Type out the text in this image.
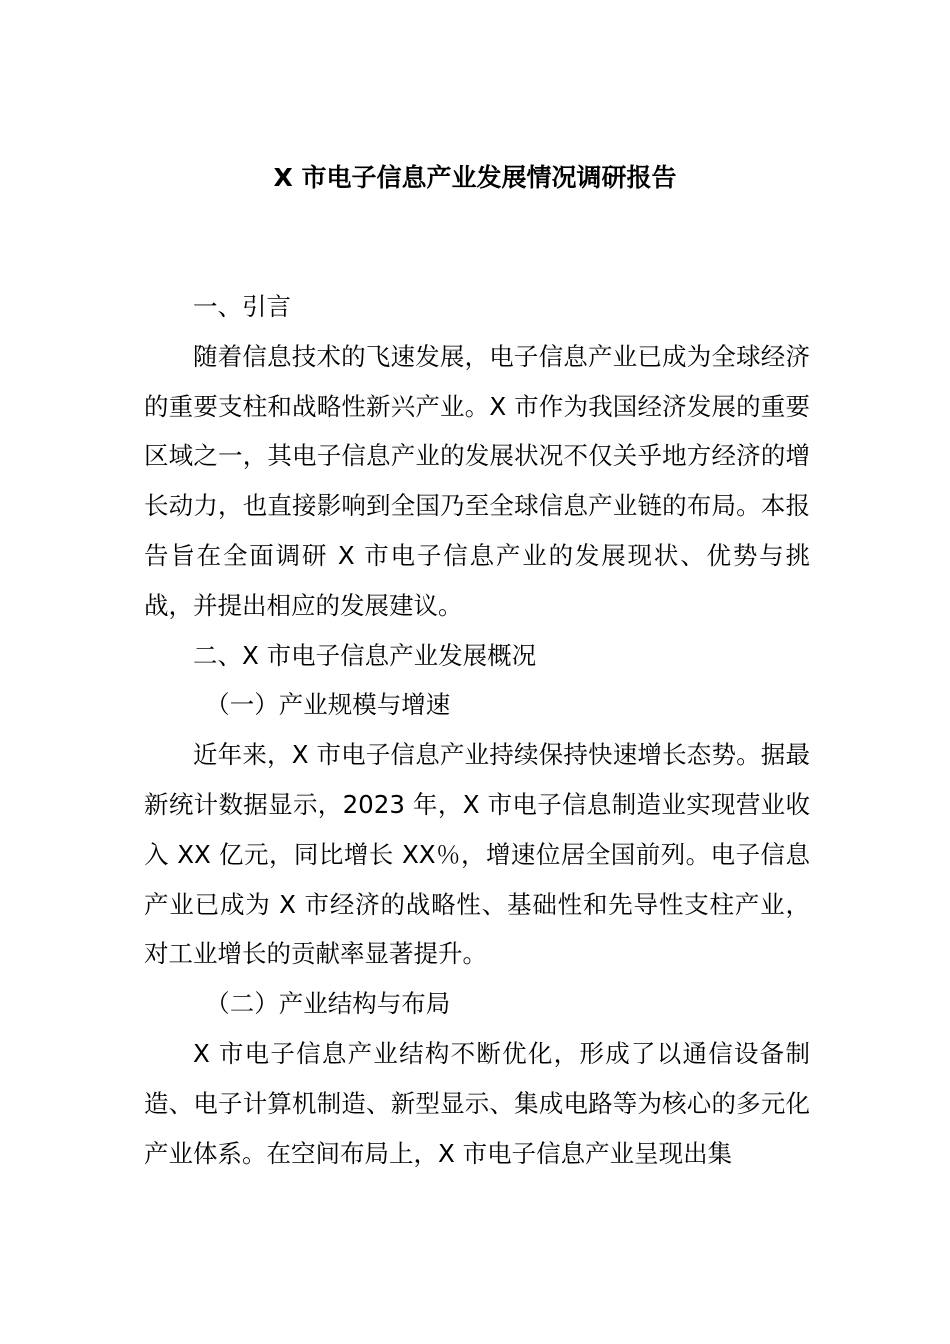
X 市电子信息产业发展情况调研报告

一、引言

随着信息技术的飞速发展，电子信息产业已成为全球经济的重要支柱和战略性新兴产业。X 市作为我国经济发展的重要区域之一，其电子信息产业的发展状况不仅关乎地方经济的增长动力，也直接影响到全国乃至全球信息产业链的布局。本报告旨在全面调研 X 市电子信息产业的发展现状、优势与挑战，并提出相应的发展建议。

二、X 市电子信息产业发展概况

（一）产业规模与增速

近年来，X 市电子信息产业持续保持快速增长态势。据最新统计数据显示，2023 年，X 市电子信息制造业实现营业收入 XX 亿元，同比增长 XX％，增速位居全国前列。电子信息产业已成为 X 市经济的战略性、基础性和先导性支柱产业，对工业增长的贡献率显著提升。

（二）产业结构与布局

X 市电子信息产业结构不断优化，形成了以通信设备制造、电子计算机制造、新型显示、集成电路等为核心的多元化产业体系。在空间布局上，X 市电子信息产业呈现出集
